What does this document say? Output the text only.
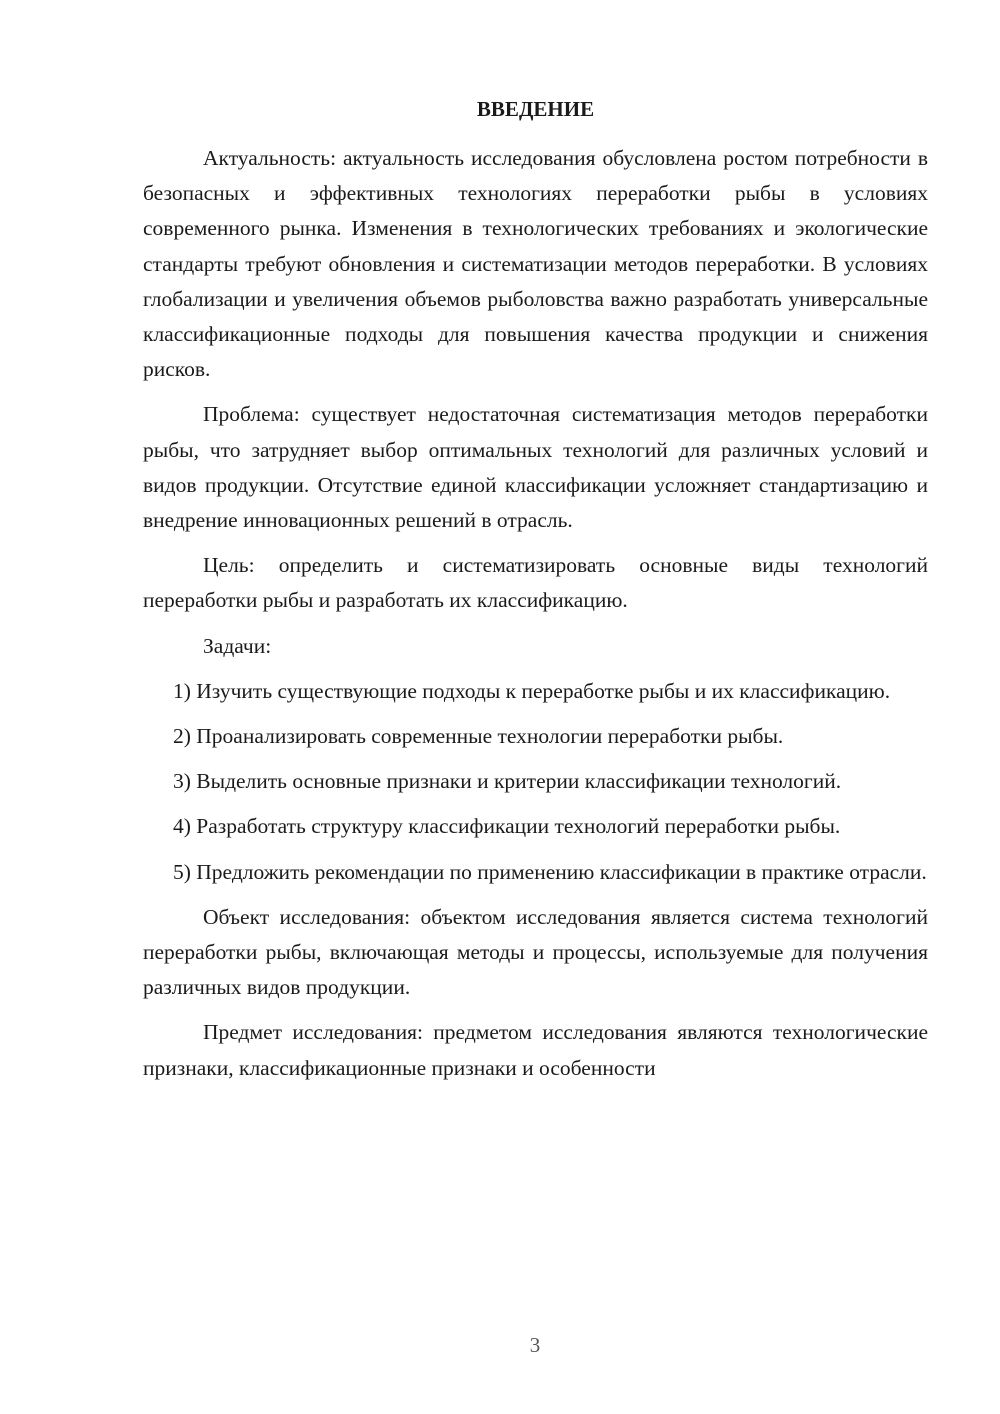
ВВЕДЕНИЕ

Актуальность: актуальность исследования обусловлена ростом потребности в безопасных и эффективных технологиях переработки рыбы в условиях современного рынка. Изменения в технологических требованиях и экологические стандарты требуют обновления и систематизации методов переработки. В условиях глобализации и увеличения объемов рыболовства важно разработать универсальные классификационные подходы для повышения качества продукции и снижения рисков.

Проблема: существует недостаточная систематизация методов переработки рыбы, что затрудняет выбор оптимальных технологий для различных условий и видов продукции. Отсутствие единой классификации усложняет стандартизацию и внедрение инновационных решений в отрасль.

Цель: определить и систематизировать основные виды технологий переработки рыбы и разработать их классификацию.

Задачи:

1) Изучить существующие подходы к переработке рыбы и их классификацию.

2) Проанализировать современные технологии переработки рыбы.

3) Выделить основные признаки и критерии классификации технологий.

4) Разработать структуру классификации технологий переработки рыбы.

5) Предложить рекомендации по применению классификации в практике отрасли.

Объект исследования: объектом исследования является система технологий переработки рыбы, включающая методы и процессы, используемые для получения различных видов продукции.

Предмет исследования: предметом исследования являются технологические признаки, классификационные признаки и особенности

3
